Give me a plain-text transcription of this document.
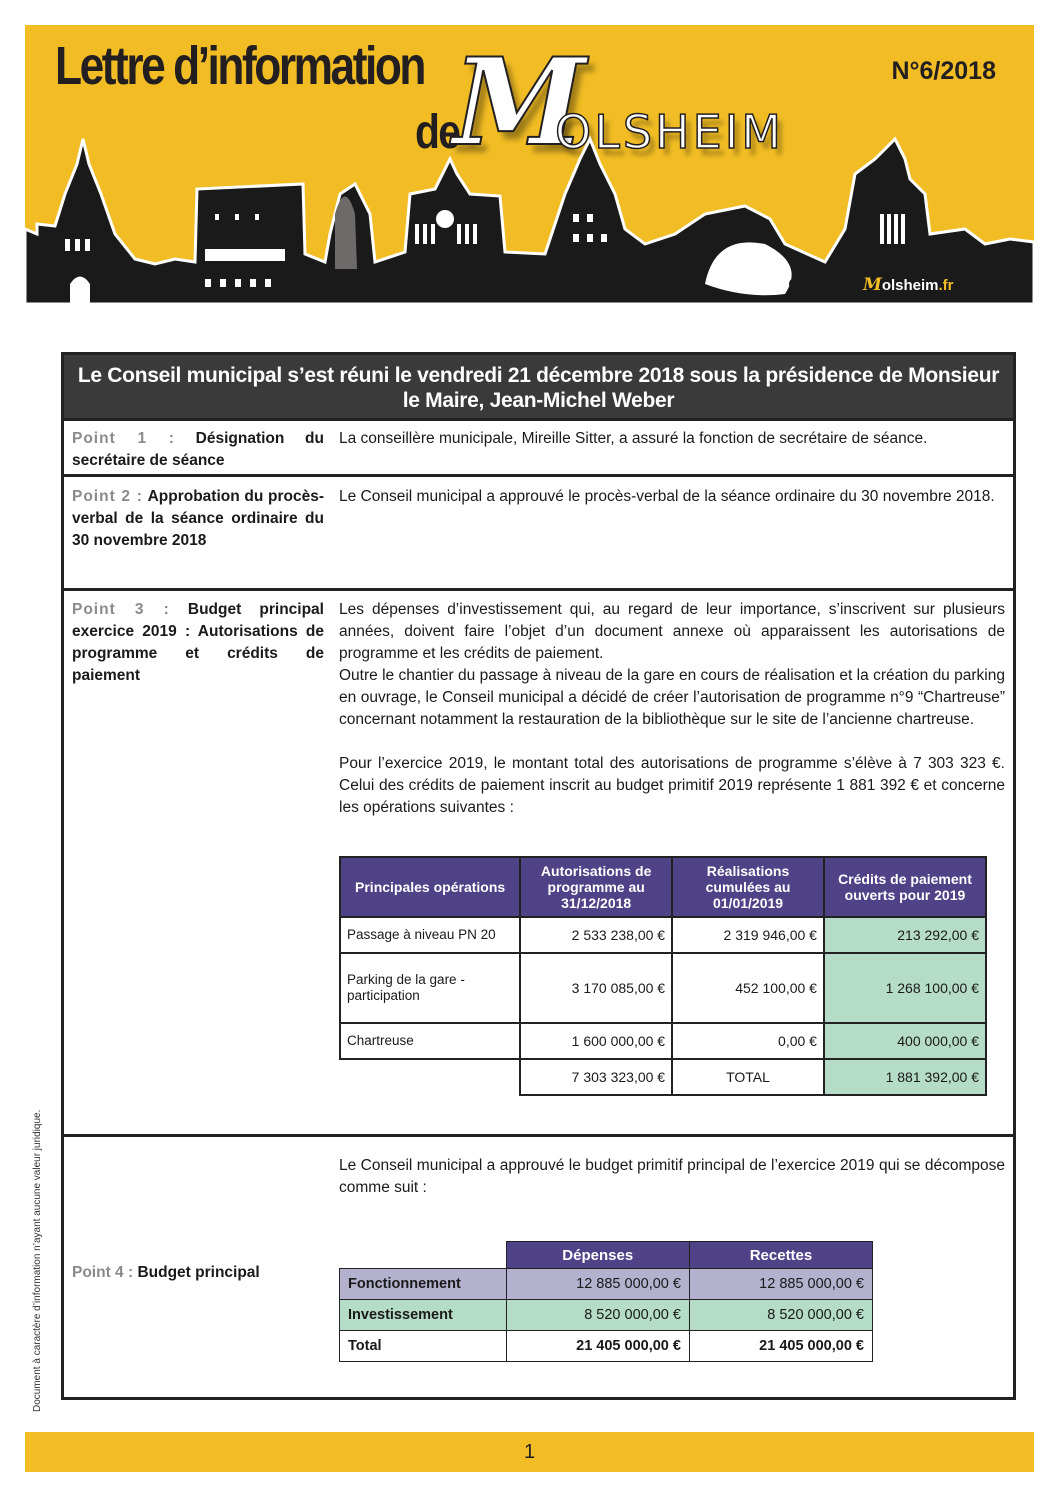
Lettre d’information
de
M
OLSHEIM
N°6/2018
Molsheim.fr
Le Conseil municipal s’est réuni le vendredi 21 décembre 2018 sous la présidence de Monsieur le Maire, Jean-Michel Weber
Point 1 : Désignation du secrétaire de séance
La conseillère municipale, Mireille Sitter, a assuré la fonction de secrétaire de séance.
Point 2 : Approbation du procès-verbal de la séance ordinaire du 30 novembre 2018
Le Conseil municipal a approuvé le procès-verbal de la séance ordinaire du 30 novembre 2018.
Point 3 : Budget principal exercice 2019 : Autorisations de programme et crédits de paiement
Les dépenses d’investissement qui, au regard de leur importance, s’inscrivent sur plusieurs années, doivent faire l’objet d’un document annexe où apparaissent les autorisations de programme et les crédits de paiement.
Outre le chantier du passage à niveau de la gare en cours de réalisation et la création du parking en ouvrage, le Conseil municipal a décidé de créer l’autorisation de programme n°9 “Chartreuse” concernant notamment la restauration de la bibliothèque sur le site de l’ancienne chartreuse.
Pour l’exercice 2019, le montant total des autorisations de programme s’élève à 7 303 323 €. Celui des crédits de paiement inscrit au budget primitif 2019 représente 1 881 392 € et concerne les opérations suivantes :
Principales opérations	Autorisations de programme au 31/12/2018	Réalisations cumulées au 01/01/2019	Crédits de paiement ouverts pour 2019
Passage à niveau PN 20	2 533 238,00 €	2 319 946,00 €	213 292,00 €
Parking de la gare - participation	3 170 085,00 €	452 100,00 €	1 268 100,00 €
Chartreuse	1 600 000,00 €	0,00 €	400 000,00 €
	7 303 323,00 €	TOTAL	1 881 392,00 €
Point 4 : Budget principal
Le Conseil municipal a approuvé le budget primitif principal de l’exercice 2019 qui se décompose comme suit :
	Dépenses	Recettes
Fonctionnement	12 885 000,00 €	12 885 000,00 €
Investissement	8 520 000,00 €	8 520 000,00 €
Total	21 405 000,00 €	21 405 000,00 €
Document à caractère d’information n’ayant aucune valeur juridique.
1
